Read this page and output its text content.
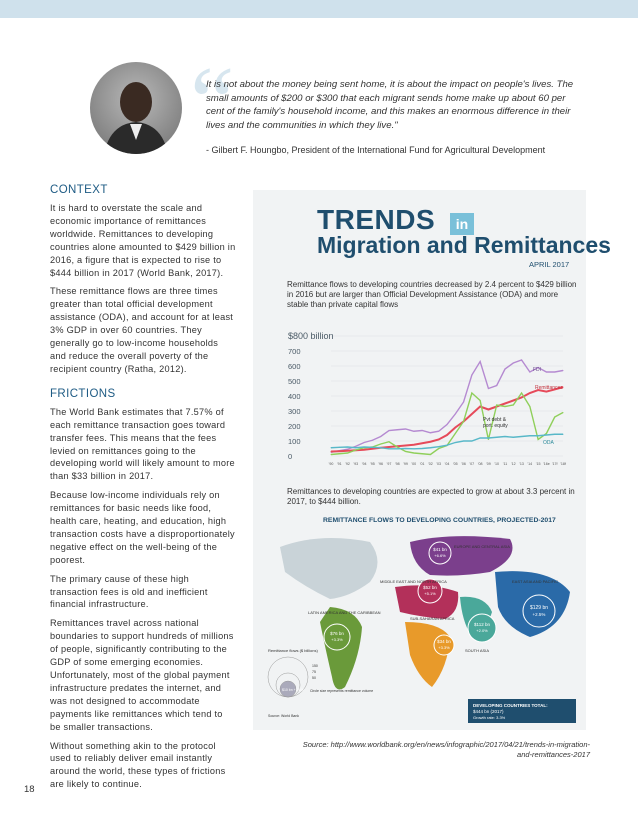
“
It is not about the money being sent home, it is about the impact on people's lives. The small amounts of $200 or $300 that each migrant sends home make up about 60 per cent of the family's household income, and this makes an enormous difference in their lives and the communities in which they live."
- Gilbert F. Houngbo, President of the International Fund for Agricultural Development
CONTEXT

It is hard to overstate the scale and economic importance of remittances worldwide. Remittances to developing countries alone amounted to $429 billion in 2016, a figure that is expected to rise to $444 billion in 2017 (World Bank, 2017).

These remittance flows are three times greater than total official development assistance (ODA), and account for at least 3% GDP in over 60 countries. They generally go to low-income households and reduce the overall poverty of the recipient country (Ratha, 2012).

FRICTIONS

The World Bank estimates that 7.57% of each remittance transaction goes toward transfer fees. This means that the fees levied on remittances going to the developing world will likely amount to more than $33 billion in 2017.

Because low-income individuals rely on remittances for basic needs like food, health care, heating, and education, high transaction costs have a disproportionately negative effect on the well-being of the poorest.

The primary cause of these high transaction fees is old and inefficient financial infrastructure.

Remittances travel across national boundaries to support hundreds of millions of people, significantly contributing to the GDP of some emerging economies. Unfortunately, most of the global payment infrastructure predates the internet, and was not designed to accommodate payments like remittances which tend to be smaller transactions.

Without something akin to the protocol used to reliably deliver email instantly around the world, these types of frictions are likely to continue.

TRENDS	in
Migration and Remittances
APRIL 2017
Remittance flows to developing countries decreased by 2.4 percent to $429 billion in 2016 but are larger than Official Development Assistance (ODA) and more stable than private capital flows
$800 billion
700
600
500
400
300
200
100
0
'90 '91 '92 '93 '94 '95 '96 '97 '98 '99 '00 '01 '02 '03 '04 '05 '06 '07 '08 '09 '10 '11 '12 '13 '14 '15 '16e '17f '18f
FDI
Remittances
Pvt debt &
port. equity
ODA
Remittances to developing countries are expected to grow at about 3.3 percent in 2017, to $444 billion.
REMITTANCE FLOWS TO DEVELOPING COUNTRIES, PROJECTED-2017
$41 bn
+6.6%
$129 bn
+2.5%
$52 bn
+5.1%
$34 bn
+3.3%
$112 bn
+2.0%
$76 bn
+3.3%
EUROPE AND CENTRAL ASIA
EAST ASIA AND PACIFIC
MIDDLE EAST AND NORTH AFRICA
SUB-SAHARAN AFRICA
SOUTH ASIA
LATIN AMERICA AND THE CARIBBEAN
Remittance flows ($ billions)
150
75
50
$10 bn +3.6% Circle size represents remittance volume
Source: World Bank
DEVELOPING COUNTRIES TOTAL:
$444 bn (2017)
Growth rate: 3.3%
Source: http://www.worldbank.org/en/news/infographic/2017/04/21/trends-in-migration-and-remittances-2017
18
